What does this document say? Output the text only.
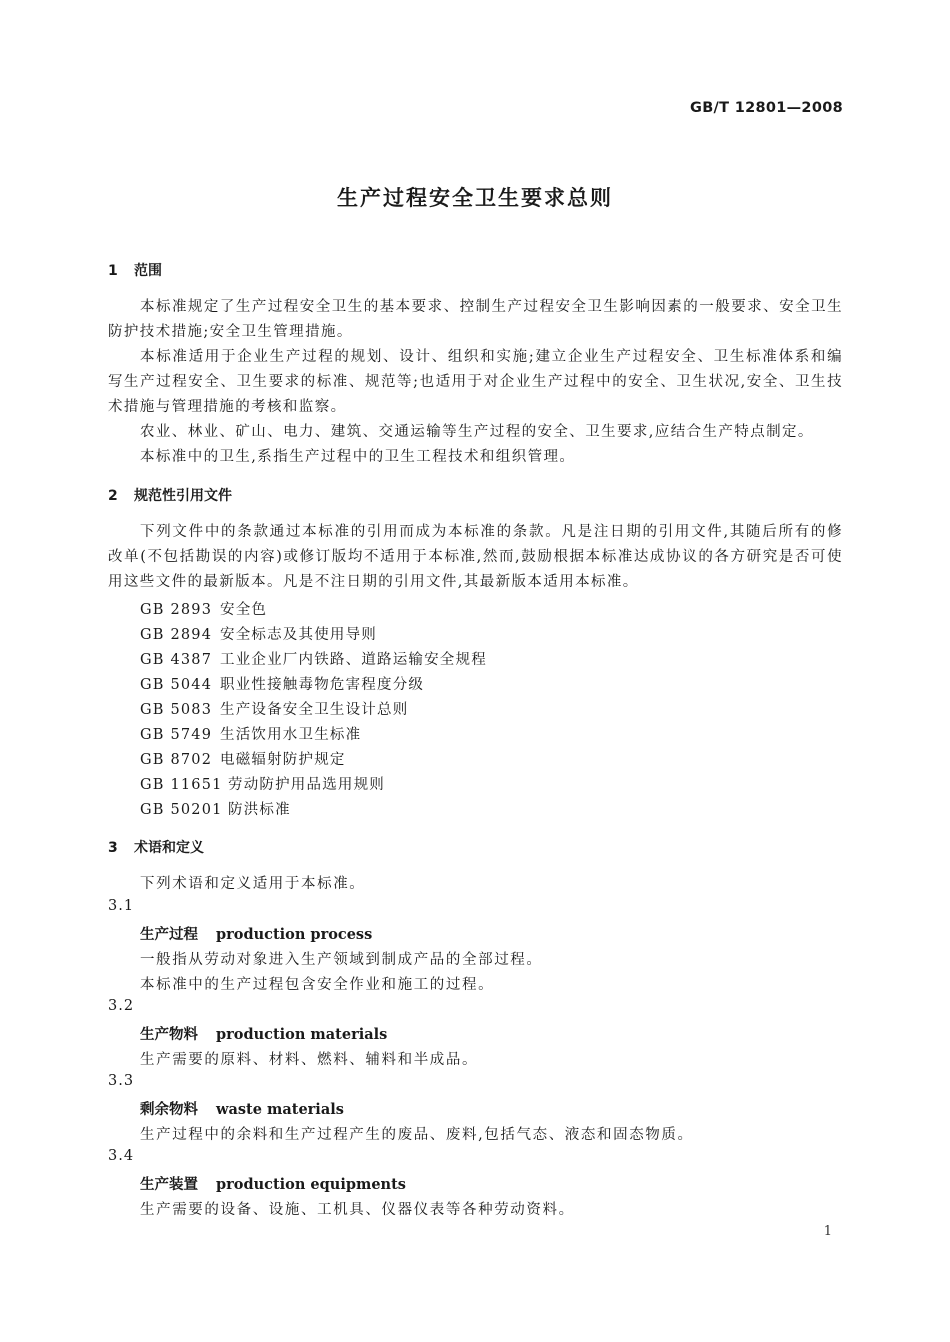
GB/T 12801—2008
生产过程安全卫生要求总则
1 范围
本标准规定了生产过程安全卫生的基本要求、控制生产过程安全卫生影响因素的一般要求、安全卫生防护技术措施;安全卫生管理措施。
本标准适用于企业生产过程的规划、设计、组织和实施;建立企业生产过程安全、卫生标准体系和编写生产过程安全、卫生要求的标准、规范等;也适用于对企业生产过程中的安全、卫生状况,安全、卫生技术措施与管理措施的考核和监察。
农业、林业、矿山、电力、建筑、交通运输等生产过程的安全、卫生要求,应结合生产特点制定。
本标准中的卫生,系指生产过程中的卫生工程技术和组织管理。
2 规范性引用文件
下列文件中的条款通过本标准的引用而成为本标准的条款。凡是注日期的引用文件,其随后所有的修改单(不包括勘误的内容)或修订版均不适用于本标准,然而,鼓励根据本标准达成协议的各方研究是否可使用这些文件的最新版本。凡是不注日期的引用文件,其最新版本适用本标准。
GB 2893 安全色
GB 2894 安全标志及其使用导则
GB 4387 工业企业厂内铁路、道路运输安全规程
GB 5044 职业性接触毒物危害程度分级
GB 5083 生产设备安全卫生设计总则
GB 5749 生活饮用水卫生标准
GB 8702 电磁辐射防护规定
GB 11651 劳动防护用品选用规则
GB 50201 防洪标准
3 术语和定义
下列术语和定义适用于本标准。
3.1
生产过程 production process
一般指从劳动对象进入生产领域到制成产品的全部过程。
本标准中的生产过程包含安全作业和施工的过程。
3.2
生产物料 production materials
生产需要的原料、材料、燃料、辅料和半成品。
3.3
剩余物料 waste materials
生产过程中的余料和生产过程产生的废品、废料,包括气态、液态和固态物质。
3.4
生产装置 production equipments
生产需要的设备、设施、工机具、仪器仪表等各种劳动资料。
1
